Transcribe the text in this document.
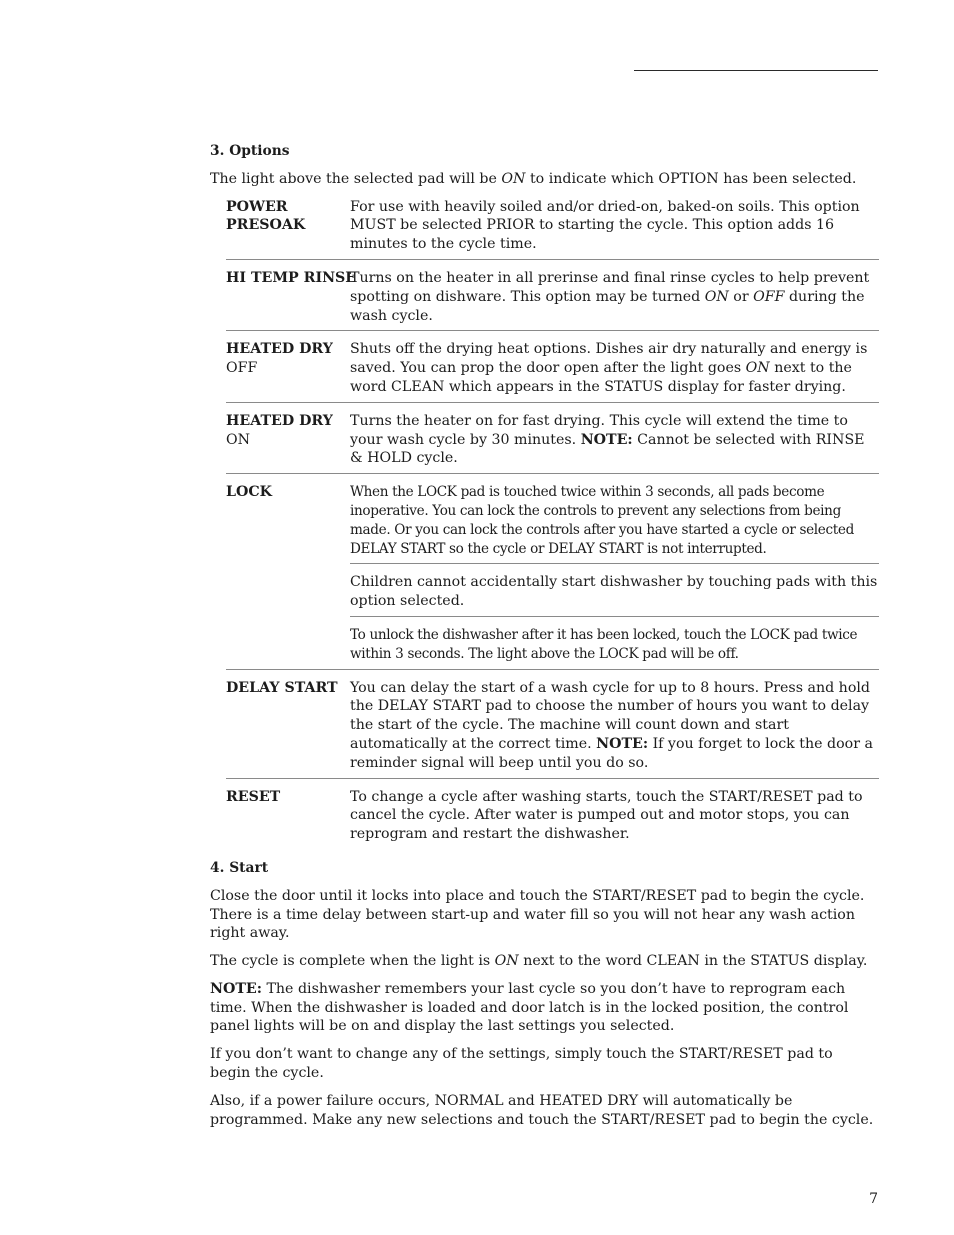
3. Options

The light above the selected pad will be ON to indicate which OPTION has been selected.

POWER PRESOAK

For use with heavily soiled and/or dried-on, baked-on soils. This option MUST be selected PRIOR to starting the cycle. This option adds 16 minutes to the cycle time.

HI TEMP RINSE

Turns on the heater in all prerinse and final rinse cycles to help prevent spotting on dishware. This option may be turned ON or OFF during the wash cycle.

HEATED DRY
OFF

Shuts off the drying heat options. Dishes air dry naturally and energy is saved. You can prop the door open after the light goes ON next to the word CLEAN which appears in the STATUS display for faster drying.

HEATED DRY
ON

Turns the heater on for fast drying. This cycle will extend the time to your wash cycle by 30 minutes. NOTE: Cannot be selected with RINSE & HOLD cycle.

LOCK	When the LOCK pad is touched twice within 3 seconds, all pads become inoperative. You can lock the controls to prevent any selections from being made. Or you can lock the controls after you have started a cycle or selected DELAY START so the cycle or DELAY START is not interrupted.

Children cannot accidentally start dishwasher by touching pads with this option selected.

To unlock the dishwasher after it has been locked, touch the LOCK pad twice within 3 seconds. The light above the LOCK pad will be off.

DELAY START You can delay the start of a wash cycle for up to 8 hours. Press and hold the DELAY START pad to choose the number of hours you want to delay the start of the cycle. The machine will count down and start automatically at the correct time. NOTE: If you forget to lock the door a reminder signal will beep until you do so.

RESET	To change a cycle after washing starts, touch the START/RESET pad to cancel the cycle. After water is pumped out and motor stops, you can reprogram and restart the dishwasher.

4. Start

Close the door until it locks into place and touch the START/RESET pad to begin the cycle. There is a time delay between start-up and water fill so you will not hear any wash action right away.

The cycle is complete when the light is ON next to the word CLEAN in the STATUS display.

NOTE: The dishwasher remembers your last cycle so you don’t have to reprogram each time. When the dishwasher is loaded and door latch is in the locked position, the control panel lights will be on and display the last settings you selected.

If you don’t want to change any of the settings, simply touch the START/RESET pad to begin the cycle.

Also, if a power failure occurs, NORMAL and HEATED DRY will automatically be programmed. Make any new selections and touch the START/RESET pad to begin the cycle.

7
